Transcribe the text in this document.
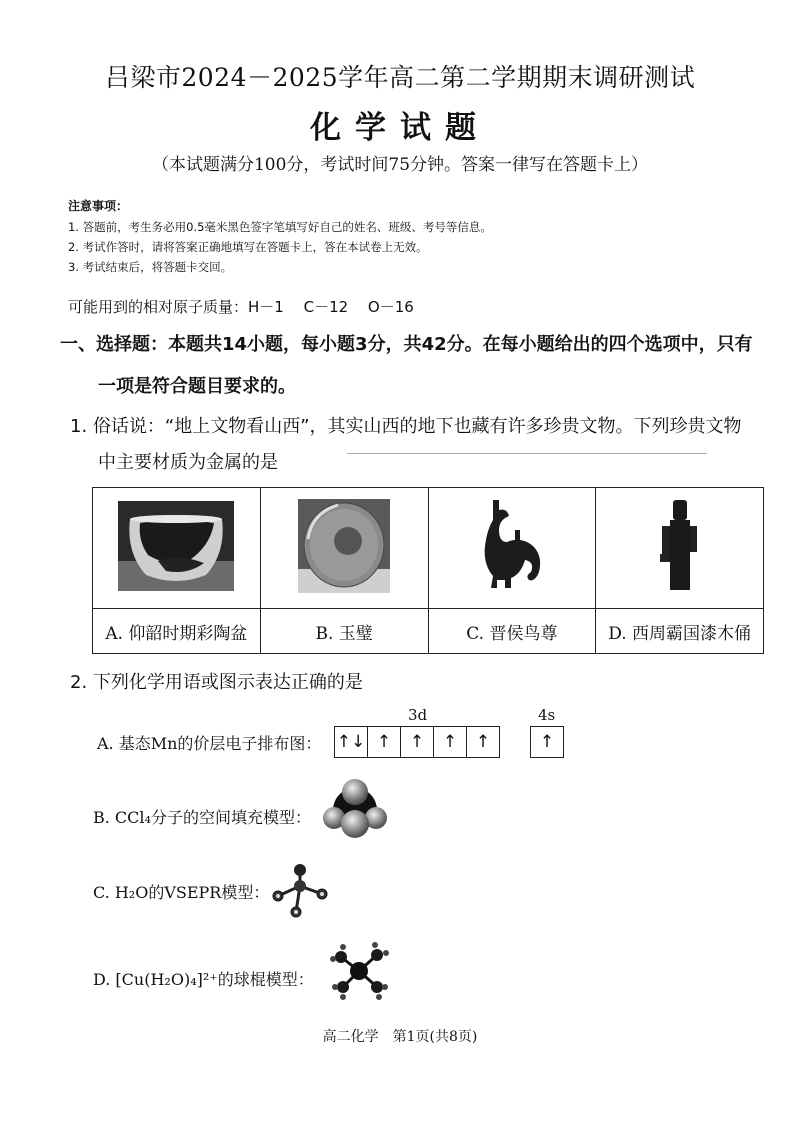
吕梁市2024－2025学年高二第二学期期末调研测试
化学试题
（本试题满分100分，考试时间75分钟。答案一律写在答题卡上）
注意事项：
1. 答题前，考生务必用0.5毫米黑色签字笔填写好自己的姓名、班级、考号等信息。
2. 考试作答时，请将答案正确地填写在答题卡上，答在本试卷上无效。
3. 考试结束后，将答题卡交回。
可能用到的相对原子质量：H－1　 C－12　 O－16
一、选择题：本题共14小题，每小题3分，共42分。在每小题给出的四个选项中，只有
一项是符合题目要求的。
1. 俗话说：“地上文物看山西”，其实山西的地下也藏有许多珍贵文物。下列珍贵文物
中主要材质为金属的是

A. 仰韶时期彩陶盆	B. 玉璧	C. 晋侯鸟尊	D. 西周霸国漆木俑
2. 下列化学用语或图示表达正确的是
3d	4s
A. 基态Mn的价层电子排布图： ↑↓ ↑	↑	↑	↑	↑
B. CCl₄分子的空间填充模型：
C. H₂O的VSEPR模型：
D. [Cu(H₂O)₄]²⁺的球棍模型：
高二化学　第1页(共8页)
